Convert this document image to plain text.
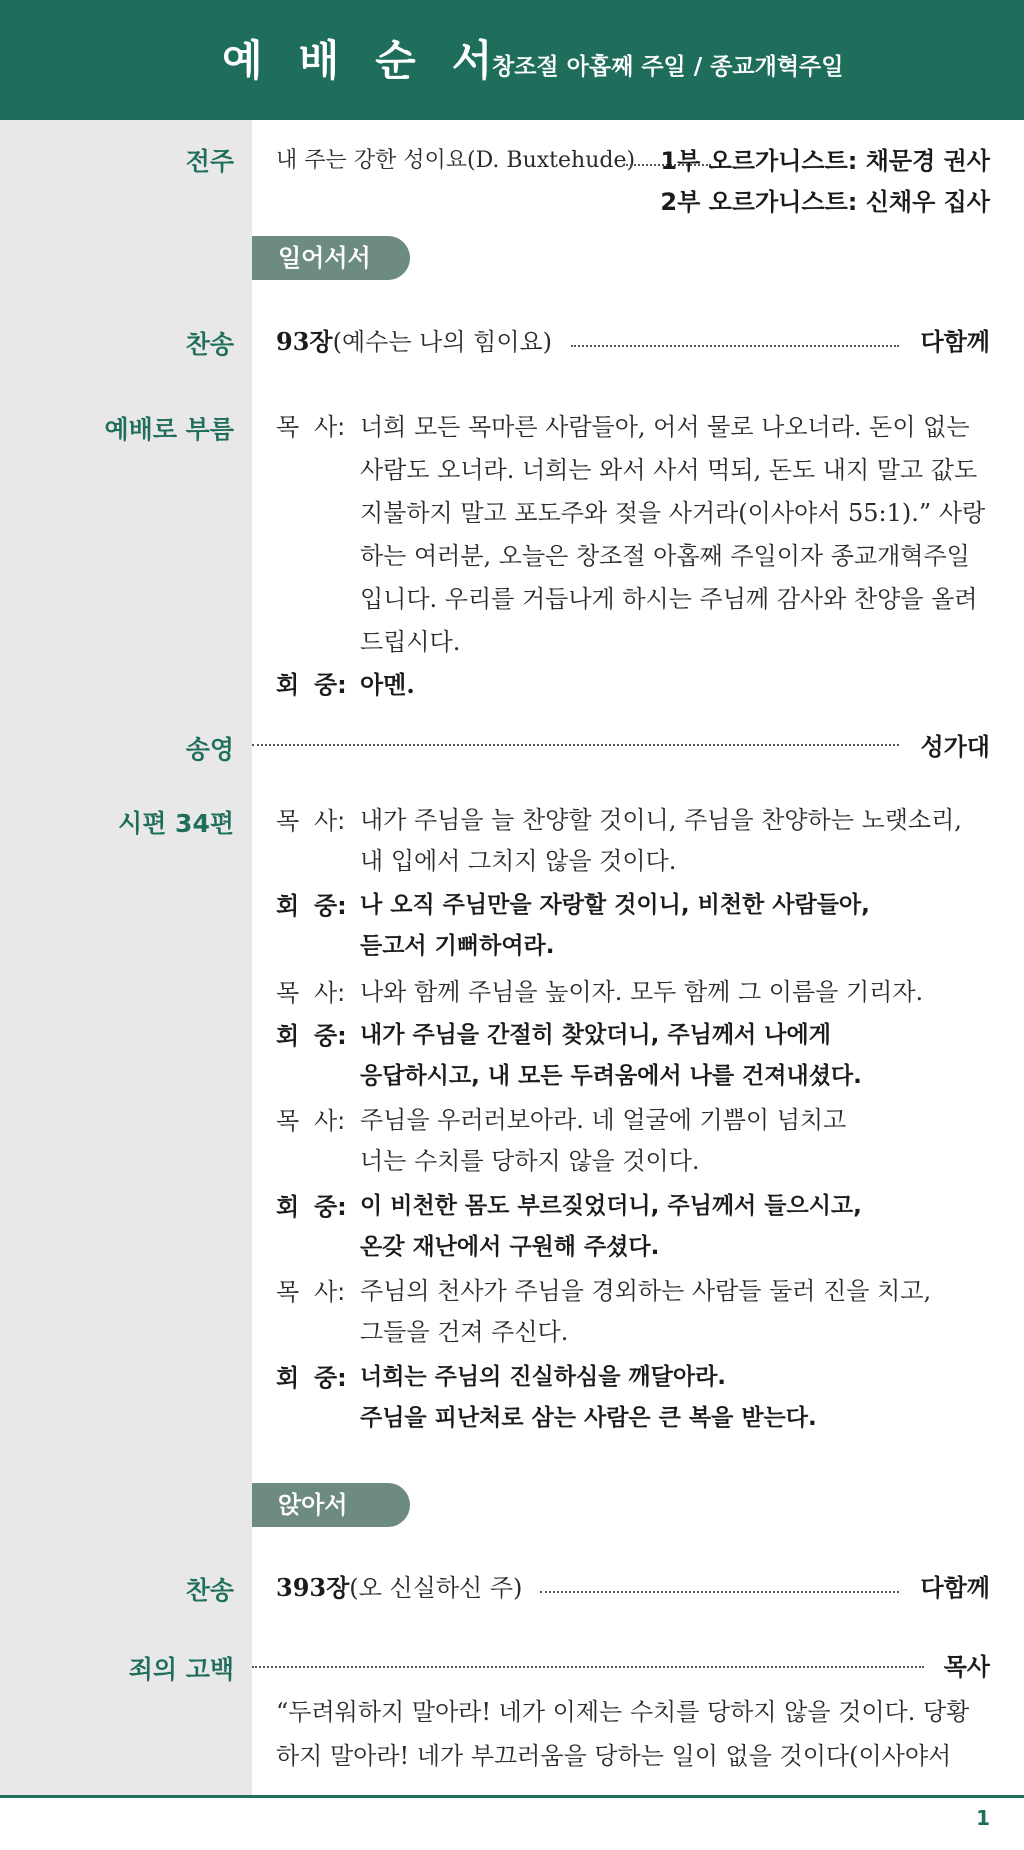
예배순서
창조절 아홉째 주일 / 종교개혁주일
전주 내 주는 강한 성이요(D. Buxtehude) 1부 오르가니스트: 채문경 권사
2부 오르가니스트: 신채우 집사
일어서서
찬송 93장(예수는 나의 힘이요)	다함께
예배로 부름 목 사: 너희 모든 목마른 사람들아, 어서 물로 나오너라. 돈이 없는
사람도 오너라. 너희는 와서 사서 먹되, 돈도 내지 말고 값도
지불하지 말고 포도주와 젖을 사거라(이사야서 55:1).” 사랑
하는 여러분, 오늘은 창조절 아홉째 주일이자 종교개혁주일
입니다. 우리를 거듭나게 하시는 주님께 감사와 찬양을 올려
드립시다.
회 중: 아멘.
송영	성가대
시편 34편 목 사: 내가 주님을 늘 찬양할 것이니, 주님을 찬양하는 노랫소리,
내 입에서 그치지 않을 것이다.
회 중: 나 오직 주님만을 자랑할 것이니, 비천한 사람들아,
듣고서 기뻐하여라.
목 사: 나와 함께 주님을 높이자. 모두 함께 그 이름을 기리자.
회 중: 내가 주님을 간절히 찾았더니, 주님께서 나에게
응답하시고, 내 모든 두려움에서 나를 건져내셨다.
목 사: 주님을 우러러보아라. 네 얼굴에 기쁨이 넘치고
너는 수치를 당하지 않을 것이다.
회 중: 이 비천한 몸도 부르짖었더니, 주님께서 들으시고,
온갖 재난에서 구원해 주셨다.
목 사: 주님의 천사가 주님을 경외하는 사람들 둘러 진을 치고,
그들을 건져 주신다.
회 중: 너희는 주님의 진실하심을 깨달아라.
주님을 피난처로 삼는 사람은 큰 복을 받는다.
앉아서
찬송 393장(오 신실하신 주)	다함께
죄의 고백	목사
“두려워하지 말아라! 네가 이제는 수치를 당하지 않을 것이다. 당황
하지 말아라! 네가 부끄러움을 당하는 일이 없을 것이다(이사야서
1
